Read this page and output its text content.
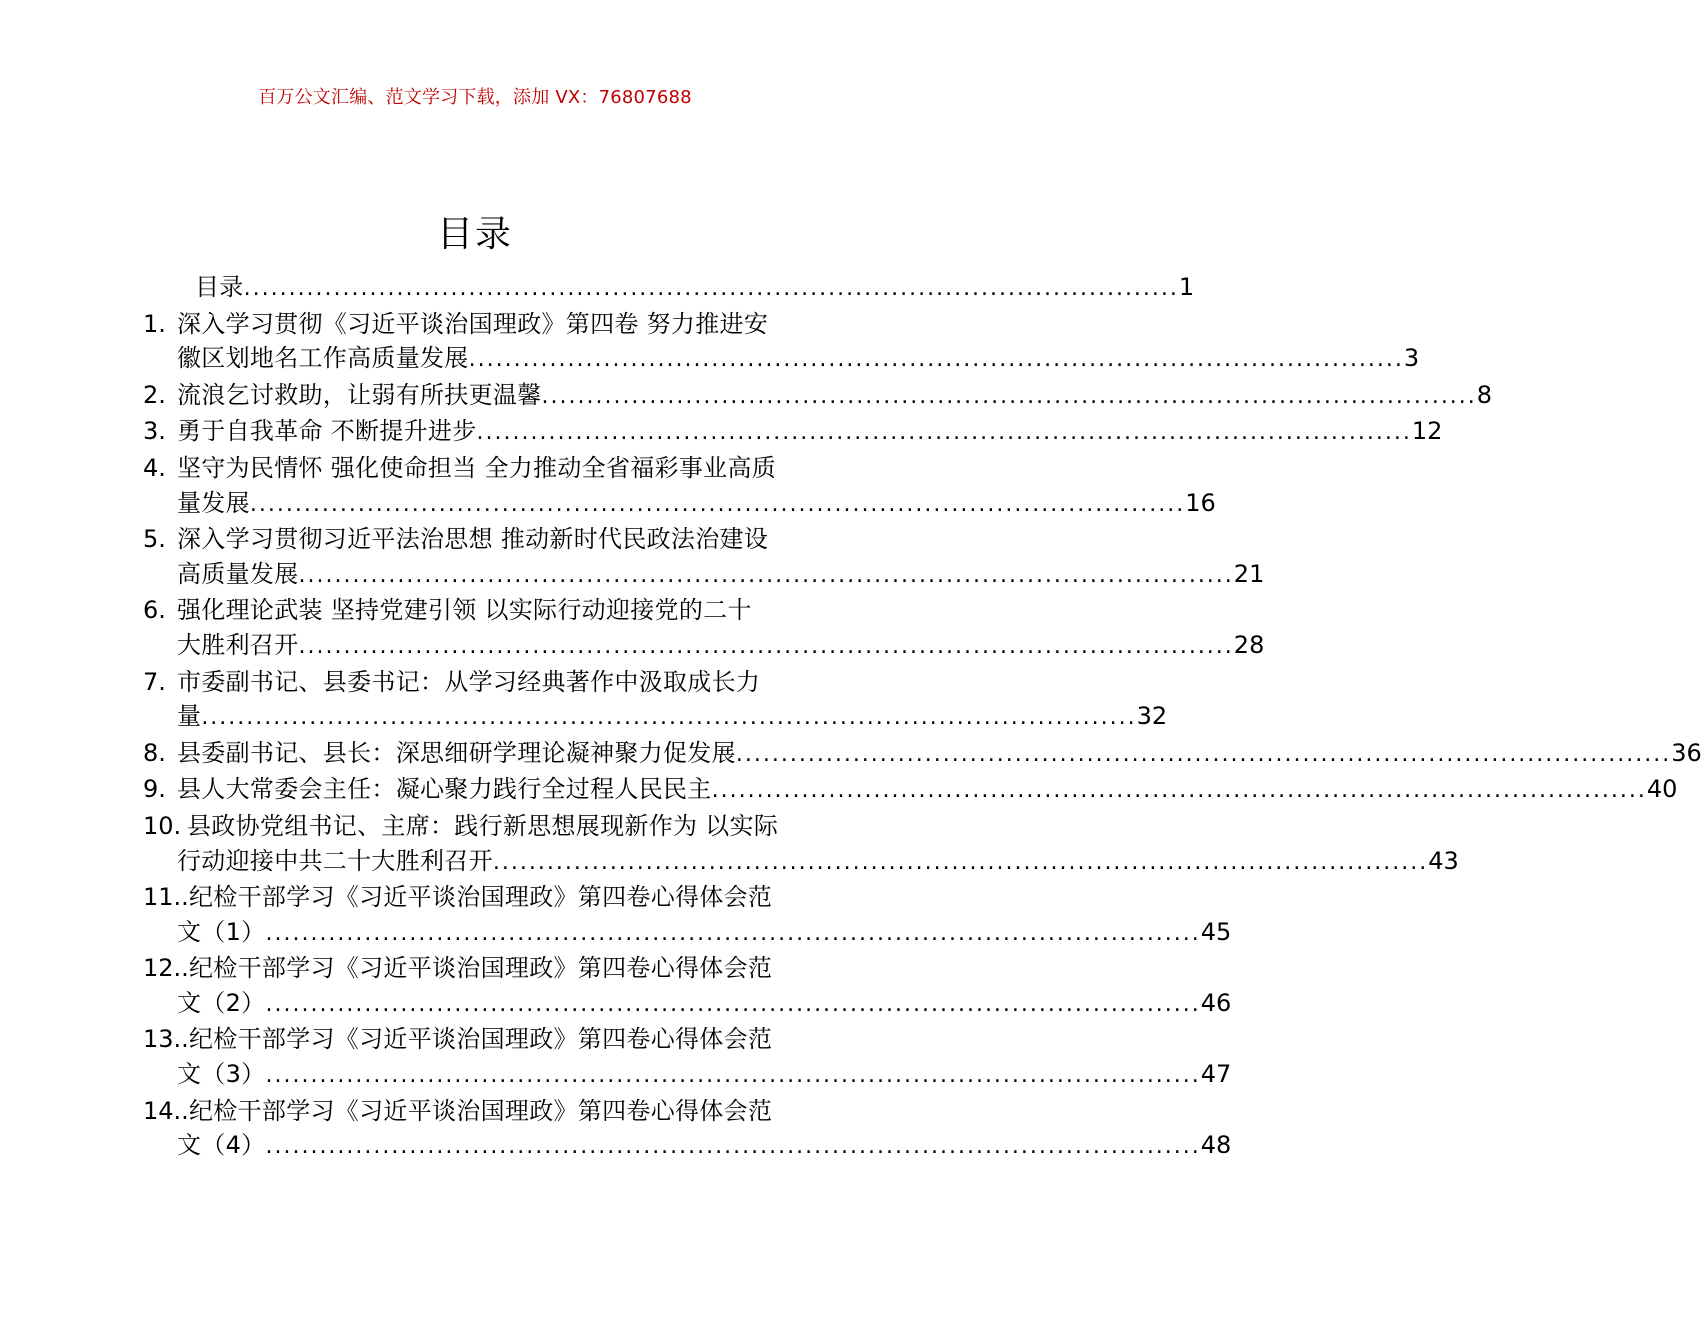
百万公文汇编、范文学习下载，添加 VX：76807688
目录
目录 ........................................................................................................ 1
1. 深入学习贯彻《习近平谈治国理政》第四卷 努力推进安
徽区划地名工作高质量发展 ........................................................................................................ 3
2. 流浪乞讨救助，让弱有所扶更温馨 ........................................................................................................ 8
3. 勇于自我革命 不断提升进步 ........................................................................................................ 12
4. 坚守为民情怀 强化使命担当 全力推动全省福彩事业高质
量发展 ........................................................................................................ 16
5. 深入学习贯彻习近平法治思想 推动新时代民政法治建设
高质量发展 ........................................................................................................ 21
6. 强化理论武装 坚持党建引领 以实际行动迎接党的二十
大胜利召开 ........................................................................................................ 28
7. 市委副书记、县委书记：从学习经典著作中汲取成长力
量 ........................................................................................................ 32
8. 县委副书记、县长：深思细研学理论凝神聚力促发展 ........................................................................................................ 36
9. 县人大常委会主任：凝心聚力践行全过程人民民主 ........................................................................................................ 40
10. 县政协党组书记、主席：践行新思想展现新作为 以实际
行动迎接中共二十大胜利召开 ........................................................................................................ 43
11.. 纪检干部学习《习近平谈治国理政》第四卷心得体会范
文（1） ........................................................................................................ 45
12.. 纪检干部学习《习近平谈治国理政》第四卷心得体会范
文（2） ........................................................................................................ 46
13.. 纪检干部学习《习近平谈治国理政》第四卷心得体会范
文（3） ........................................................................................................ 47
14.. 纪检干部学习《习近平谈治国理政》第四卷心得体会范
文（4） ........................................................................................................ 48
